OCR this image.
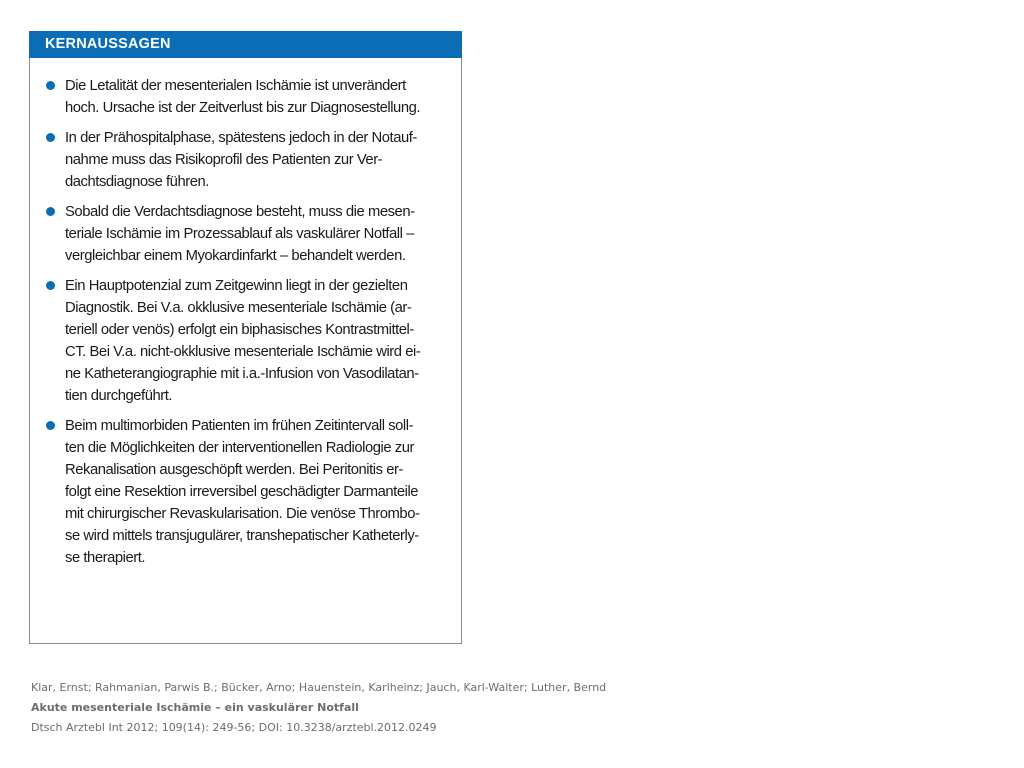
KERNAUSSAGEN
Die Letalität der mesenterialen Ischämie ist unverändert
hoch. Ursache ist der Zeitverlust bis zur Diagnosestellung.
In der Prähospitalphase, spätestens jedoch in der Notauf-
nahme muss das Risikoprofil des Patienten zur Ver-
dachtsdiagnose führen.
Sobald die Verdachtsdiagnose besteht, muss die mesen-
teriale Ischämie im Prozessablauf als vaskulärer Notfall –
vergleichbar einem Myokardinfarkt – behandelt werden.
Ein Hauptpotenzial zum Zeitgewinn liegt in der gezielten
Diagnostik. Bei V.a. okklusive mesenteriale Ischämie (ar-
teriell oder venös) erfolgt ein biphasisches Kontrastmittel-
CT. Bei V.a. nicht-okklusive mesenteriale Ischämie wird ei-
ne Katheterangiographie mit i.a.-Infusion von Vasodilatan-
tien durchgeführt.
Beim multimorbiden Patienten im frühen Zeitintervall soll-
ten die Möglichkeiten der interventionellen Radiologie zur
Rekanalisation ausgeschöpft werden. Bei Peritonitis er-
folgt eine Resektion irreversibel geschädigter Darmanteile
mit chirurgischer Revaskularisation. Die venöse Thrombo-
se wird mittels transjugulärer, transhepatischer Katheterly-
se therapiert.
Klar, Ernst; Rahmanian, Parwis B.; Bücker, Arno; Hauenstein, Karlheinz; Jauch, Karl-Walter; Luther, Bernd
Akute mesenteriale Ischämie – ein vaskulärer Notfall
Dtsch Arztebl Int 2012; 109(14): 249-56; DOI: 10.3238/arztebl.2012.0249
